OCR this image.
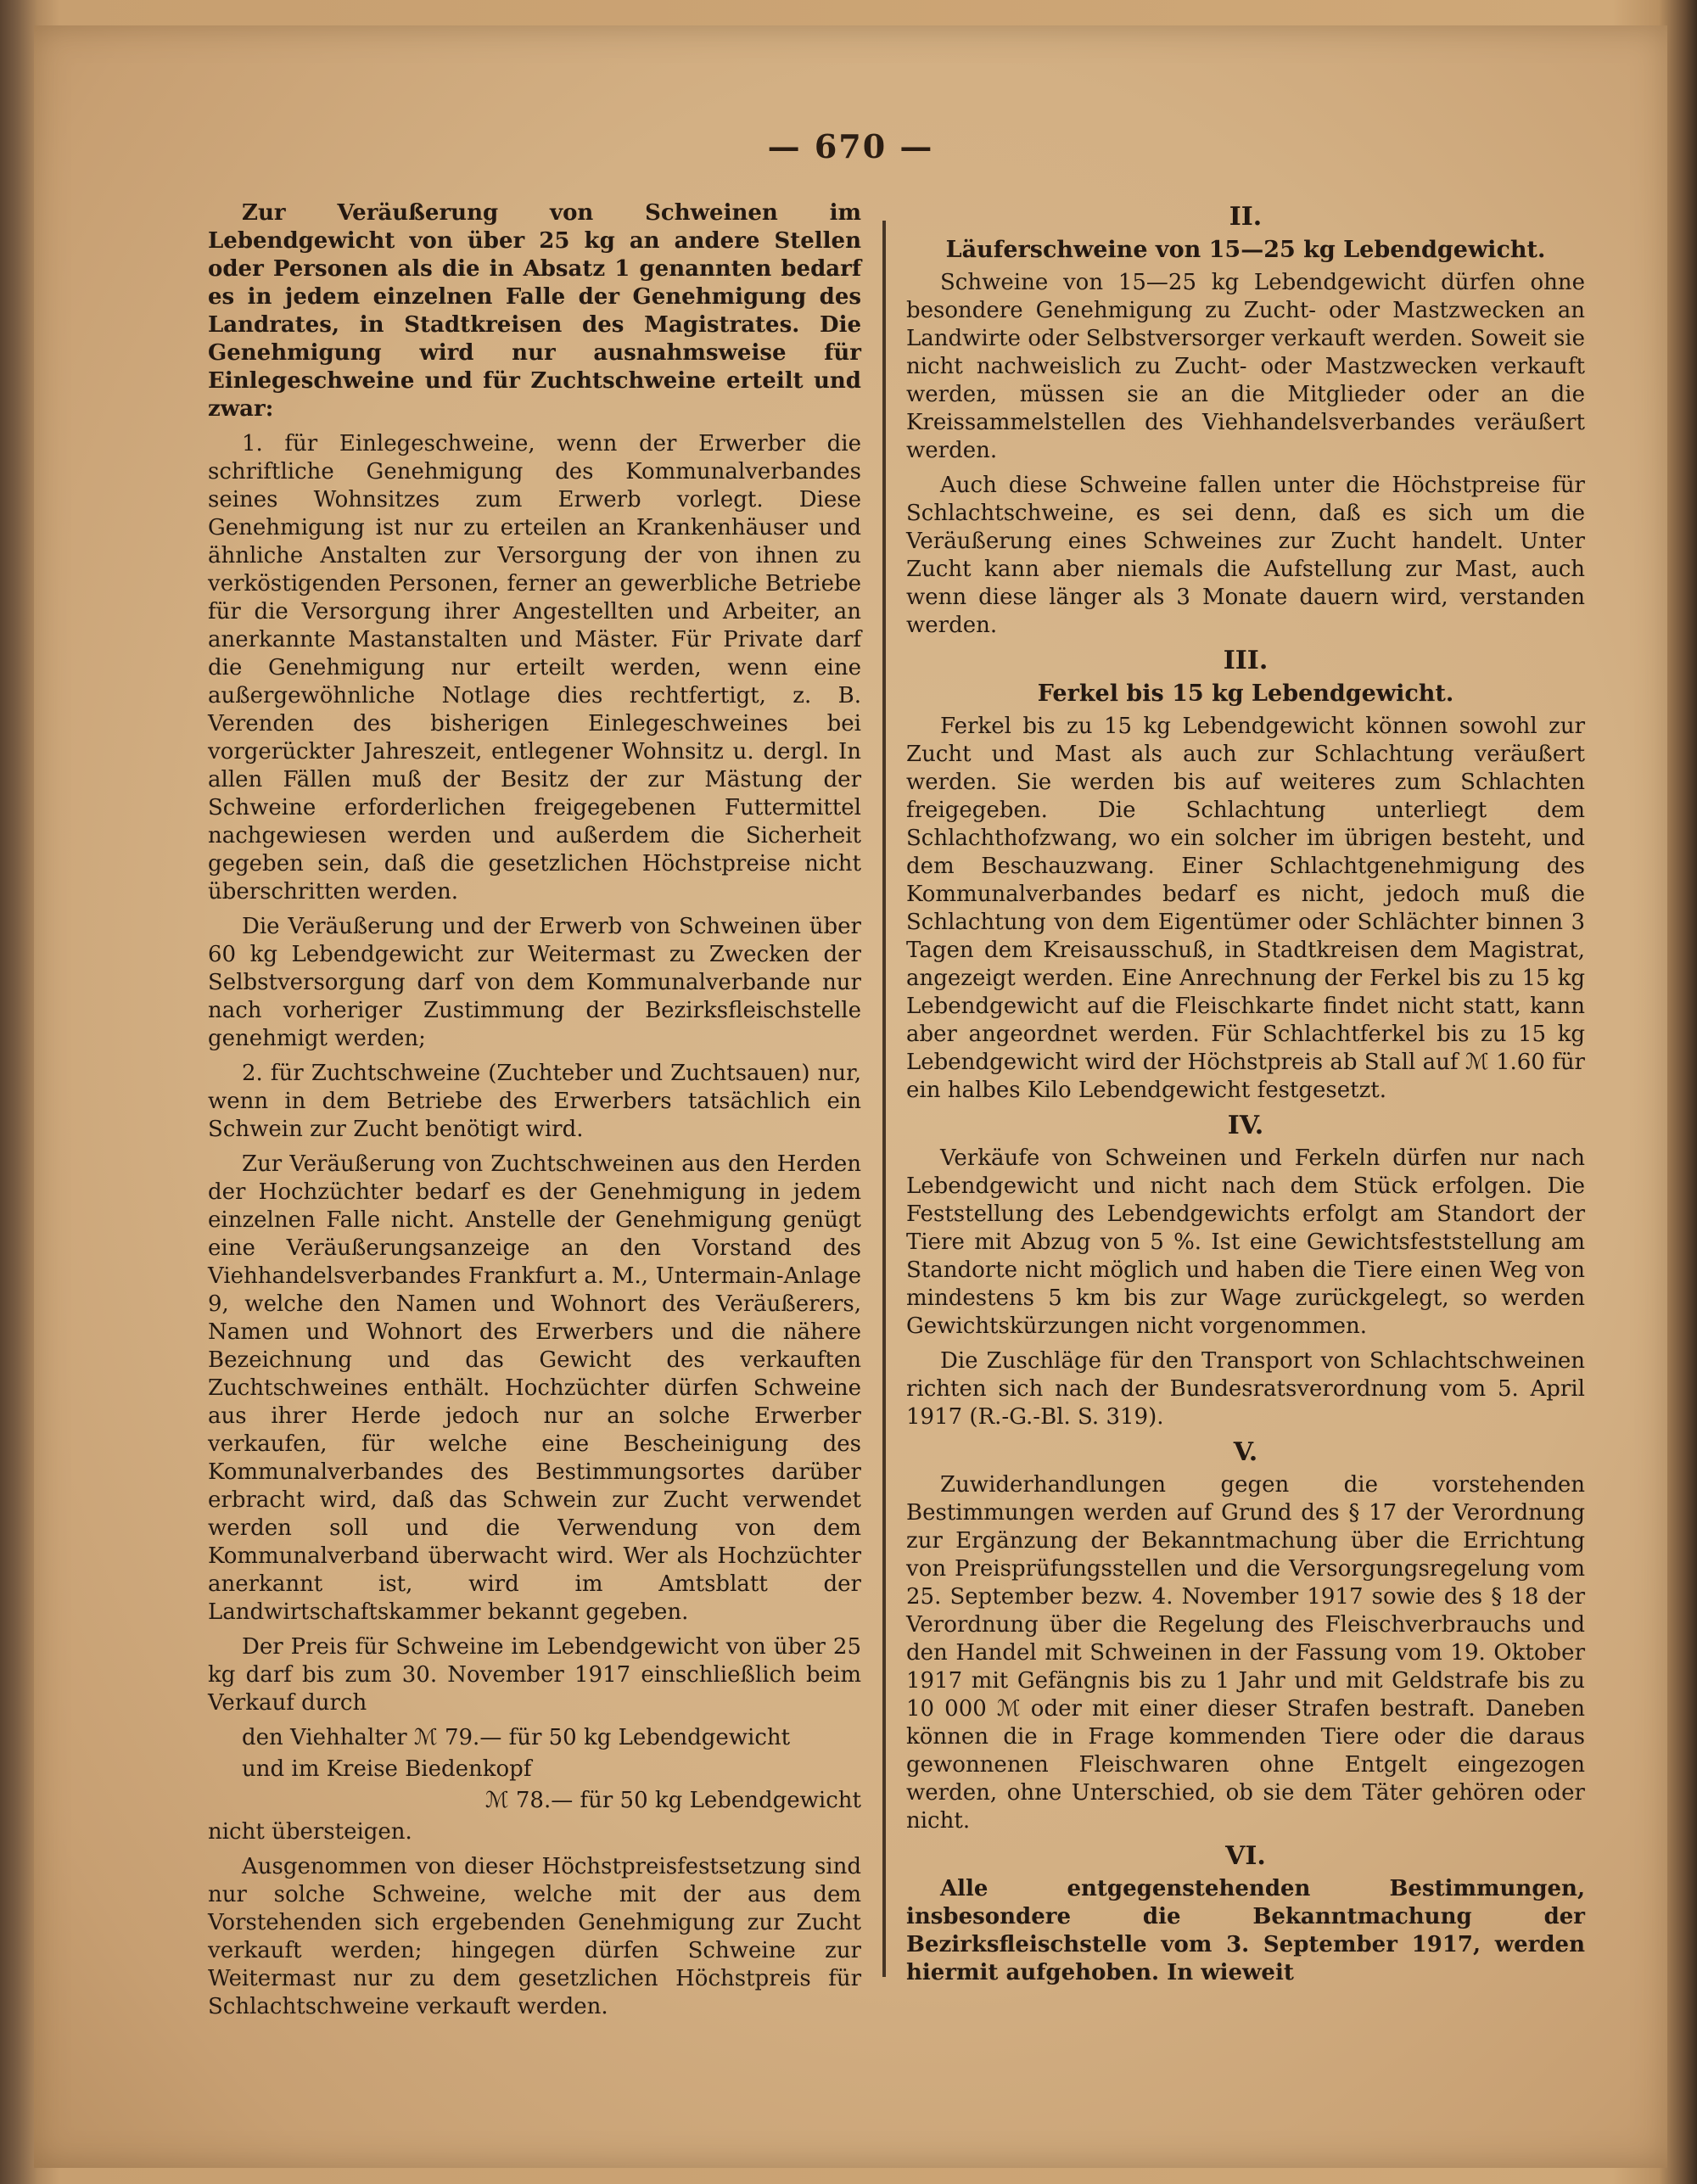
— 670 —

Zur Veräußerung von Schweinen im Lebendgewicht von über 25 kg an andere Stellen oder Personen als die in Absatz 1 genannten bedarf es in jedem einzelnen Falle der Genehmigung des Landrates, in Stadtkreisen des Magistrates. Die Genehmigung wird nur ausnahmsweise für Einlegeschweine und für Zuchtschweine erteilt und zwar:

1. für Einlegeschweine, wenn der Erwerber die schriftliche Genehmigung des Kommunalverbandes seines Wohnsitzes zum Erwerb vorlegt. Diese Genehmigung ist nur zu erteilen an Krankenhäuser und ähnliche Anstalten zur Versorgung der von ihnen zu verköstigenden Personen, ferner an gewerbliche Betriebe für die Versorgung ihrer Angestellten und Arbeiter, an anerkannte Mastanstalten und Mäster. Für Private darf die Genehmigung nur erteilt werden, wenn eine außergewöhnliche Notlage dies rechtfertigt, z. B. Verenden des bisherigen Einlegeschweines bei vorgerückter Jahreszeit, entlegener Wohnsitz u. dergl. In allen Fällen muß der Besitz der zur Mästung der Schweine erforderlichen freigegebenen Futtermittel nachgewiesen werden und außerdem die Sicherheit gegeben sein, daß die gesetzlichen Höchstpreise nicht überschritten werden.

Die Veräußerung und der Erwerb von Schweinen über 60 kg Lebendgewicht zur Weitermast zu Zwecken der Selbstversorgung darf von dem Kommunalverbande nur nach vorheriger Zustimmung der Bezirksfleischstelle genehmigt werden;

2. für Zuchtschweine (Zuchteber und Zuchtsauen) nur, wenn in dem Betriebe des Erwerbers tatsächlich ein Schwein zur Zucht benötigt wird.

Zur Veräußerung von Zuchtschweinen aus den Herden der Hochzüchter bedarf es der Genehmigung in jedem einzelnen Falle nicht. Anstelle der Genehmigung genügt eine Veräußerungsanzeige an den Vorstand des Viehhandelsverbandes Frankfurt a. M., Untermain-Anlage 9, welche den Namen und Wohnort des Veräußerers, Namen und Wohnort des Erwerbers und die nähere Bezeichnung und das Gewicht des verkauften Zuchtschweines enthält. Hochzüchter dürfen Schweine aus ihrer Herde jedoch nur an solche Erwerber verkaufen, für welche eine Bescheinigung des Kommunalverbandes des Bestimmungsortes darüber erbracht wird, daß das Schwein zur Zucht verwendet werden soll und die Verwendung von dem Kommunalverband überwacht wird. Wer als Hochzüchter anerkannt ist, wird im Amtsblatt der Landwirtschaftskammer bekannt gegeben.

Der Preis für Schweine im Lebendgewicht von über 25 kg darf bis zum 30. November 1917 einschließlich beim Verkauf durch

den Viehhalter ℳ 79.— für 50 kg Lebendgewicht

und im Kreise Biedenkopf

ℳ 78.— für 50 kg Lebendgewicht

nicht übersteigen.

Ausgenommen von dieser Höchstpreisfestsetzung sind nur solche Schweine, welche mit der aus dem Vorstehenden sich ergebenden Genehmigung zur Zucht verkauft werden; hingegen dürfen Schweine zur Weitermast nur zu dem gesetzlichen Höchstpreis für Schlachtschweine verkauft werden.

II.
Läuferschweine von 15—25 kg Lebendgewicht.

Schweine von 15—25 kg Lebendgewicht dürfen ohne besondere Genehmigung zu Zucht- oder Mastzwecken an Landwirte oder Selbstversorger verkauft werden. Soweit sie nicht nachweislich zu Zucht- oder Mastzwecken verkauft werden, müssen sie an die Mitglieder oder an die Kreissammelstellen des Viehhandelsverbandes veräußert werden.

Auch diese Schweine fallen unter die Höchstpreise für Schlachtschweine, es sei denn, daß es sich um die Veräußerung eines Schweines zur Zucht handelt. Unter Zucht kann aber niemals die Aufstellung zur Mast, auch wenn diese länger als 3 Monate dauern wird, verstanden werden.

III.
Ferkel bis 15 kg Lebendgewicht.

Ferkel bis zu 15 kg Lebendgewicht können sowohl zur Zucht und Mast als auch zur Schlachtung veräußert werden. Sie werden bis auf weiteres zum Schlachten freigegeben. Die Schlachtung unterliegt dem Schlachthofzwang, wo ein solcher im übrigen besteht, und dem Beschauzwang. Einer Schlachtgenehmigung des Kommunalverbandes bedarf es nicht, jedoch muß die Schlachtung von dem Eigentümer oder Schlächter binnen 3 Tagen dem Kreisausschuß, in Stadtkreisen dem Magistrat, angezeigt werden. Eine Anrechnung der Ferkel bis zu 15 kg Lebendgewicht auf die Fleischkarte findet nicht statt, kann aber angeordnet werden. Für Schlachtferkel bis zu 15 kg Lebendgewicht wird der Höchstpreis ab Stall auf ℳ 1.60 für ein halbes Kilo Lebendgewicht festgesetzt.

IV.

Verkäufe von Schweinen und Ferkeln dürfen nur nach Lebendgewicht und nicht nach dem Stück erfolgen. Die Feststellung des Lebendgewichts erfolgt am Standort der Tiere mit Abzug von 5 %. Ist eine Gewichtsfeststellung am Standorte nicht möglich und haben die Tiere einen Weg von mindestens 5 km bis zur Wage zurückgelegt, so werden Gewichtskürzungen nicht vorgenommen.

Die Zuschläge für den Transport von Schlachtschweinen richten sich nach der Bundesratsverordnung vom 5. April 1917 (R.-G.-Bl. S. 319).

V.

Zuwiderhandlungen gegen die vorstehenden Bestimmungen werden auf Grund des § 17 der Verordnung zur Ergänzung der Bekanntmachung über die Errichtung von Preisprüfungsstellen und die Versorgungsregelung vom 25. September bezw. 4. November 1917 sowie des § 18 der Verordnung über die Regelung des Fleischverbrauchs und den Handel mit Schweinen in der Fassung vom 19. Oktober 1917 mit Gefängnis bis zu 1 Jahr und mit Geldstrafe bis zu 10 000 ℳ oder mit einer dieser Strafen bestraft. Daneben können die in Frage kommenden Tiere oder die daraus gewonnenen Fleischwaren ohne Entgelt eingezogen werden, ohne Unterschied, ob sie dem Täter gehören oder nicht.

VI.

Alle entgegenstehenden Bestimmungen, insbesondere die Bekanntmachung der Bezirksfleischstelle vom 3. September 1917, werden hiermit aufgehoben. In wieweit
